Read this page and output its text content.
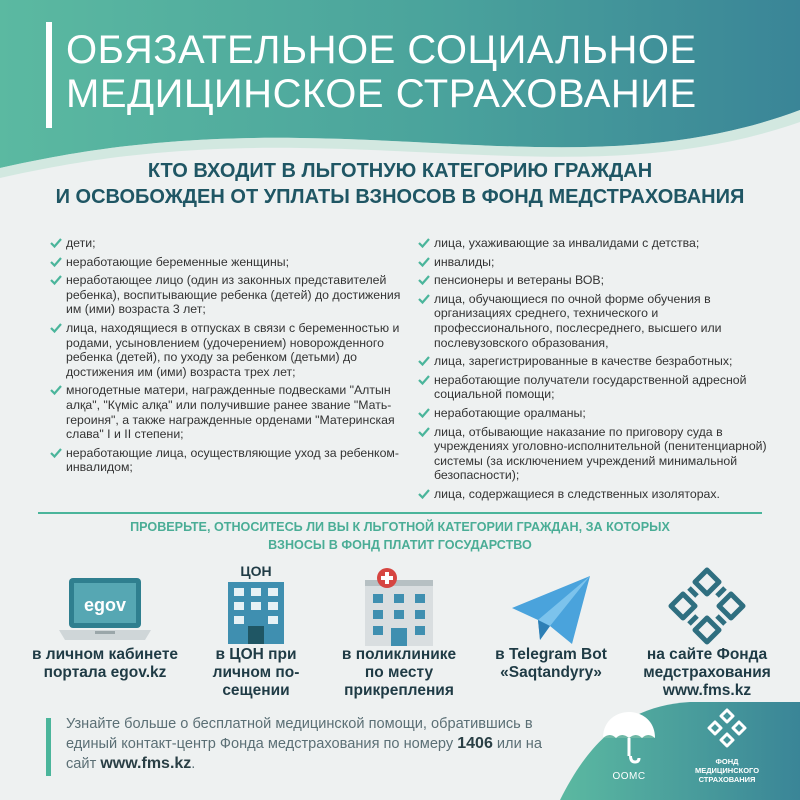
ОБЯЗАТЕЛЬНОЕ СОЦИАЛЬНОЕ
МЕДИЦИНСКОЕ СТРАХОВАНИЕ
КТО ВХОДИТ В ЛЬГОТНУЮ КАТЕГОРИЮ ГРАЖДАН
И ОСВОБОЖДЕН ОТ УПЛАТЫ ВЗНОСОВ В ФОНД МЕДСТРАХОВАНИЯ
дети;
неработающие беременные женщины;
неработающее лицо (один из законных представителей ребенка), воспитывающие ребенка (детей) до достижения им (ими) возраста 3 лет;
лица, находящиеся в отпусках в связи с беременностью и родами, усыновлением (удочерением) новорожденного ребенка (детей), по уходу за ребенком (детьми) до достижения им (ими) возраста трех лет;
многодетные матери, награжденные подвесками "Алтын алқа", "Күміс алқа" или получившие ранее звание "Мать-героиня", а также награжденные орденами "Материнская слава" I и II степени;
неработающие лица, осуществляющие уход за ребенком-инвалидом;
лица, ухаживающие за инвалидами с детства;
инвалиды;
пенсионеры и ветераны ВОВ;
лица, обучающиеся по очной форме обучения в организациях среднего, технического и профессионального, послесреднего, высшего или послевузовского образования,
лица, зарегистрированные в качестве безработных;
неработающие получатели государственной адресной социальной помощи;
неработающие оралманы;
лица, отбывающие наказание по приговору суда в учреждениях уголовно-исполнительной (пенитенциарной) системы (за исключением учреждений минимальной безопасности);
лица, содержащиеся в следственных изоляторах.
ПРОВЕРЬТЕ, ОТНОСИТЕСЬ ЛИ ВЫ К ЛЬГОТНОЙ КАТЕГОРИИ ГРАЖДАН, ЗА КОТОРЫХ
ВЗНОСЫ В ФОНД ПЛАТИТ ГОСУДАРСТВО
egov
в личном кабинете
портала egov.kz
ЦОН
в ЦОН при
личном по-
сещении
в поликлинике
по месту
прикрепления
в Telegram Bot
«Saqtandyry»
на сайте Фонда
медстрахования
www.fms.kz
Узнайте больше о бесплатной медицинской помощи, обратившись в единый контакт-центр Фонда медстрахования по номеру 1406 или на сайт www.fms.kz.
ООМС
ФОНД
МЕДИЦИНСКОГО
СТРАХОВАНИЯ
